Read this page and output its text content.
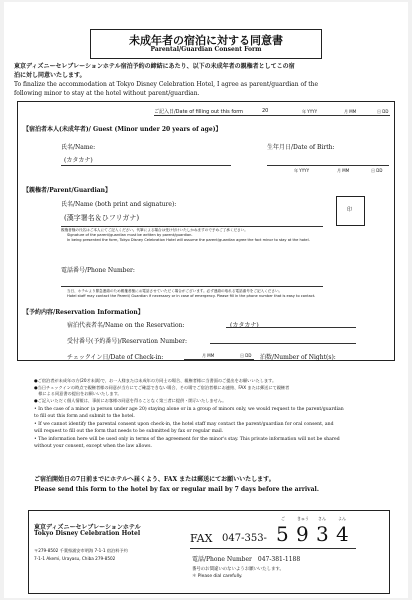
未成年者の宿泊に対する同意書
Parental/Guardian Consent Form
東京ディズニーセレブレーションホテル宿泊予約の締結にあたり、以下の未成年者の親権者としてこの宿
泊に対し同意いたします。
To finalize the accommodation at Tokyo Disney Celebration Hotel, I agree as parent/guardian of the
following minor to stay at the hotel without parent/guardian.
ご記入日/Date of filling out this form	20	年 YYYY	月 MM	日 DD
【宿泊者本人(未成年者)/ Guest (Minor under 20 years of age)】
氏名/Name:	生年月日/Date of Birth:
(カタカナ)
年 YYYY	月 MM	日 DD
【親権者/Parent/Guardian】
氏名/Name (both print and signature):
(漢字署名＆ひフリガナ)
印
親権者様の氏名はご本人にてご記入ください。代筆による場合は受け付けいたしかねますので予めご了承ください。
Signature of the parent/guardian must be written by parent/guardian.
In being presented the form, Tokyo Disney Celebration Hotel will assume the parent/guardian agree the fact minor to stay at the hotel.
電話番号/Phone Number:
当日、ホテルより緊急連絡のため親権者様にお電話させていただく場合がございます。必ず連絡の取れる電話番号をご記入ください。
Hotel staff may contact the Parent/ Guardian if necessary or in case of emergency. Please fill in the phone number that is easy to contact.
【予約内容/Reservation Information】
宿泊代表者名/Name on the Reservation:	(カタカナ)
受付番号(予約番号)/Reservation Number:
チェックイン日/Date of Check-in:	月 MM	日 DD 泊数/Number of Night(s):
●ご宿泊者が未成年の方(20才未満)で、お一人様または未成年の方同士の場合、親権者様に当書面のご提出をお願いいたします。
●当日チェックインの時点で親権者様の同意が当方にてご確認できない場合、その場でご宿泊者様にお連絡、FAX または郵送にて親権者
　様による同意書の提出をお願いいたします。
●ご記入いただく個人情報は、事前にお客様の同意を得ることなく第三者に提供・開示いたしません。
• In the case of a minor (a person under age 20) staying alone or in a group of minors only, we would request to the parent/guardian
to fill out this form and submit to the hotel.
• If we cannot identify the parental consent upon check-in, the hotel staff may contact the parent/guardian for oral consent, and
will request to fill out the form that needs to be submitted by fax or regular mail.
• The information here will be used only in terms of the agreement for the minor's stay. This private information will not be shared
without your consent, except when the law allows.
ご宿泊開始日の7日前までにホテルへ届くよう、FAX または郵送にてお願いいたします。
Please send this form to the hotel by fax or regular mail by 7 days before the arrival.
東京ディズニーセレブレーションホテル
Tokyo Disney Celebration Hotel
〒279-8502 千葉県浦安市明海 7-1-1 宿泊料予約
7-1-1 Akemi, Urayasu, Chiba 279-8502
FAX 047-353-
ご	きゅう さん	よん
5 9 3 4
電話/Phone Number　047-381-1188
番号のお間違いのないようお願いいたします。
＊ Please dial carefully.
